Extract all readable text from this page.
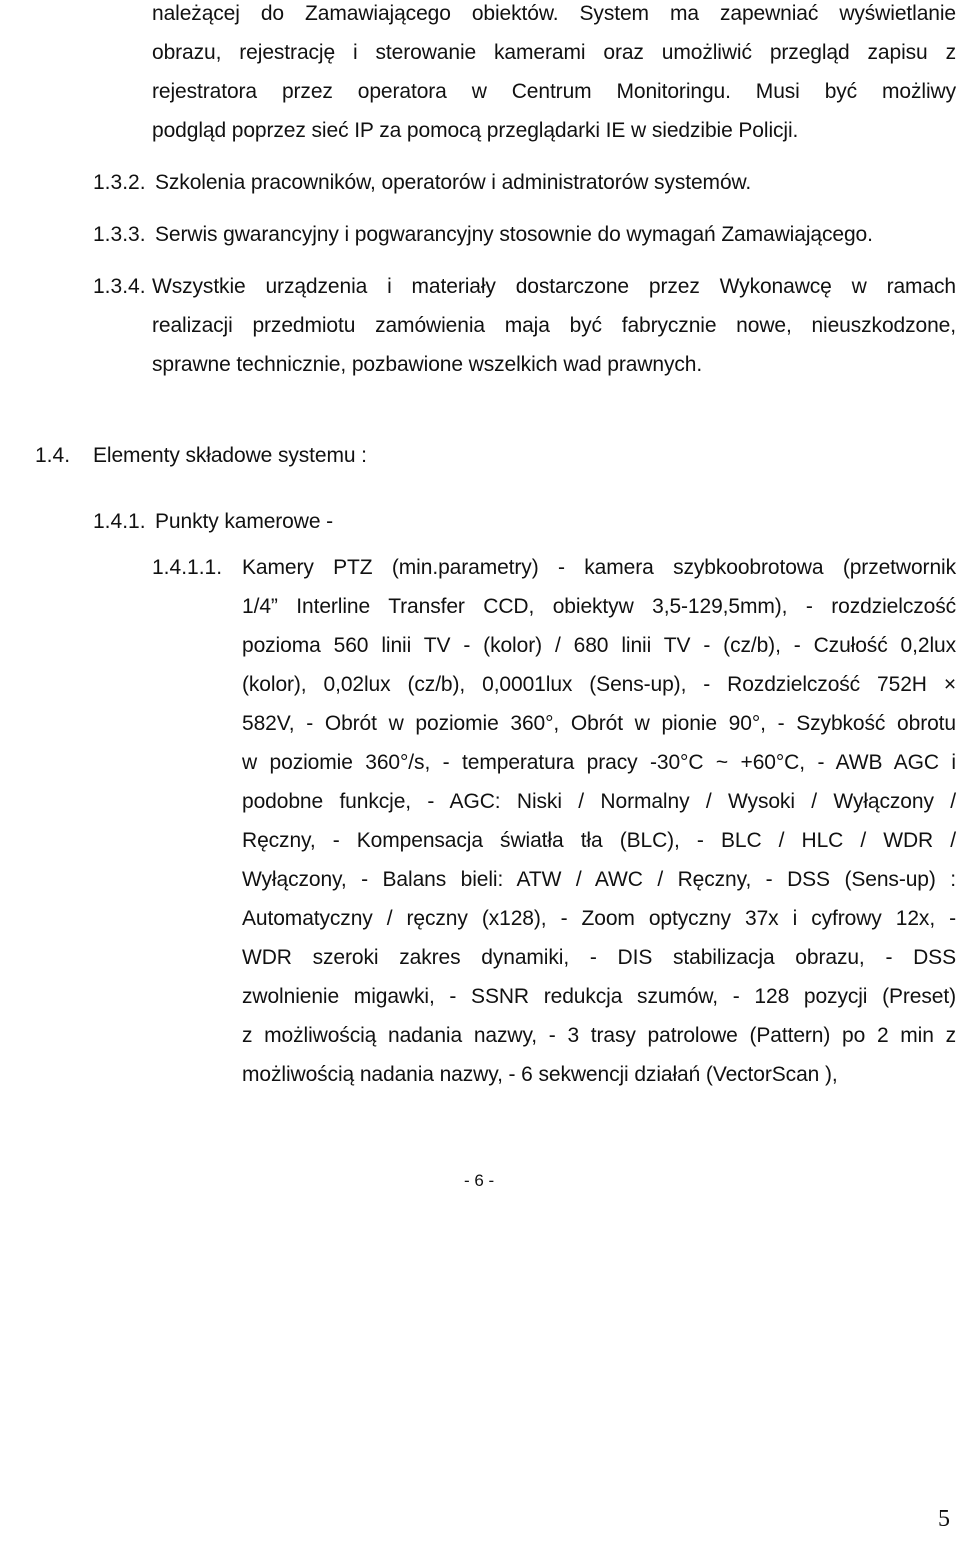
należącej do Zamawiającego obiektów. System ma zapewniać wyświetlanie
obrazu, rejestrację i sterowanie kamerami oraz umożliwić przegląd zapisu z
rejestratora przez operatora w Centrum Monitoringu. Musi być możliwy
podgląd poprzez sieć IP za pomocą przeglądarki IE w siedzibie Policji.
1.3.2. Szkolenia pracowników, operatorów i administratorów systemów.
1.3.3. Serwis gwarancyjny i pogwarancyjny stosownie do wymagań Zamawiającego.
1.3.4. Wszystkie urządzenia i materiały dostarczone przez Wykonawcę w ramach
realizacji przedmiotu zamówienia maja być fabrycznie nowe, nieuszkodzone,
sprawne technicznie, pozbawione wszelkich wad prawnych.
1.4. Elementy składowe systemu :
1.4.1. Punkty kamerowe -
1.4.1.1. Kamery PTZ (min.parametry) - kamera szybkoobrotowa (przetwornik
1/4” Interline Transfer CCD, obiektyw 3,5-129,5mm), - rozdzielczość
pozioma 560 linii TV - (kolor) / 680 linii TV - (cz/b), - Czułość 0,2lux
(kolor), 0,02lux (cz/b), 0,0001lux (Sens-up), - Rozdzielczość 752H ×
582V, - Obrót w poziomie 360°, Obrót w pionie 90°, - Szybkość obrotu
w poziomie 360°/s, - temperatura pracy -30°C ~ +60°C, - AWB AGC i
podobne funkcje, - AGC: Niski / Normalny / Wysoki / Wyłączony /
Ręczny, - Kompensacja światła tła (BLC), - BLC / HLC / WDR /
Wyłączony, - Balans bieli: ATW / AWC / Ręczny, - DSS (Sens-up) :
Automatyczny / ręczny (x128), - Zoom optyczny 37x i cyfrowy 12x, -
WDR szeroki zakres dynamiki, - DIS stabilizacja obrazu, - DSS
zwolnienie migawki, - SSNR redukcja szumów, - 128 pozycji (Preset)
z możliwością nadania nazwy, - 3 trasy patrolowe (Pattern) po 2 min z
możliwością nadania nazwy, - 6 sekwencji działań (VectorScan ),
- 6 -
5
